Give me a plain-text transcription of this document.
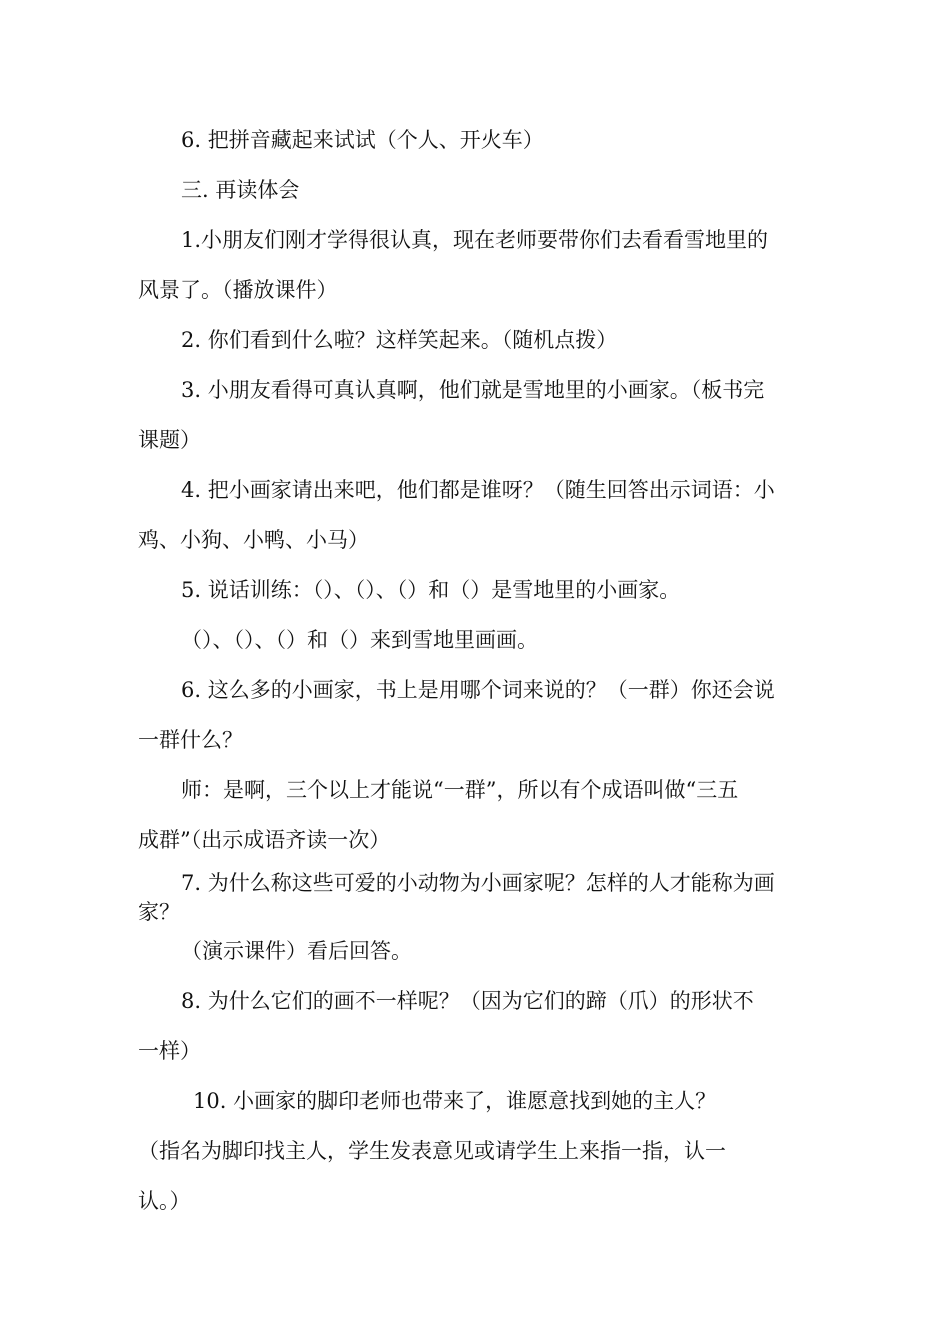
6. 把拼音藏起来试试（个人、开火车）

三. 再读体会

1.小朋友们刚才学得很认真，现在老师要带你们去看看雪地里的

风景了。（播放课件）

2. 你们看到什么啦？这样笑起来。（随机点拨）

3. 小朋友看得可真认真啊，他们就是雪地里的小画家。（板书完

课题）

4. 把小画家请出来吧，他们都是谁呀？（随生回答出示词语：小

鸡、小狗、小鸭、小马）

5. 说话训练：（）、（）、（）和（）是雪地里的小画家。

（）、（）、（）和（）来到雪地里画画。

6. 这么多的小画家，书上是用哪个词来说的？（一群）你还会说

一群什么？

师：是啊，三个以上才能说“一群”，所以有个成语叫做“三五

成群”（出示成语齐读一次）

7. 为什么称这些可爱的小动物为小画家呢？怎样的人才能称为画

家？

（演示课件）看后回答。

8. 为什么它们的画不一样呢？（因为它们的蹄（爪）的形状不

一样）

10. 小画家的脚印老师也带来了，谁愿意找到她的主人？

（指名为脚印找主人，学生发表意见或请学生上来指一指，认一

认。）
